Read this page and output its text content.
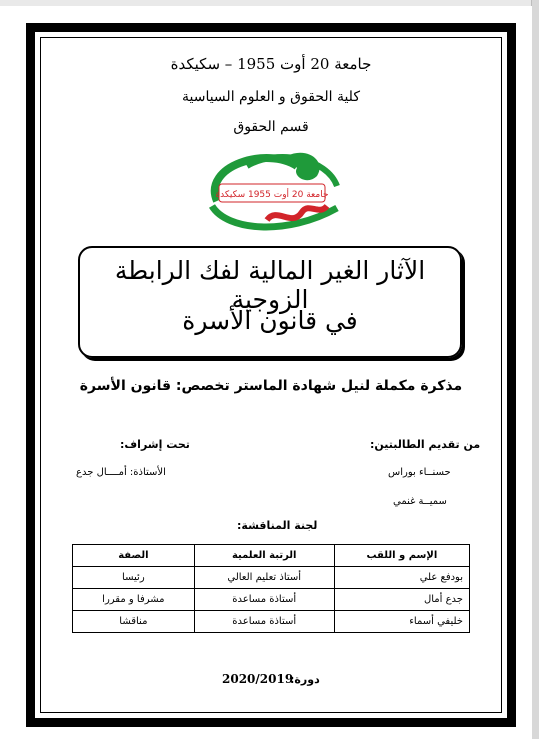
جامعة 20 أوت 1955 – سكيكدة
كلية الحقوق و العلوم السياسية
قسم الحقوق
جامعة 20 أوت 1955 سكيكدة
الآثار الغير المالية لفك الرابطة الزوجية
في قانون الأسرة
مذكرة مكملة لنيل شهادة الماستر تخصص: قانون الأسرة
من تقديم الطالبتين:
حسنــاء بوراس
سميــة غنمي
تحت إشراف:
الأستاذة: أمــــال جدع
لجنة المناقشة:
الإسم و اللقب	الرتبة العلمية	الصفة
بودفع علي	أستاذ تعليم العالي	رئيسا
جدع أمال	أستاذة مساعدة	مشرفا و مقررا
خليفي أسماء	أستاذة مساعدة	مناقشا
دورة:
2020/2019
